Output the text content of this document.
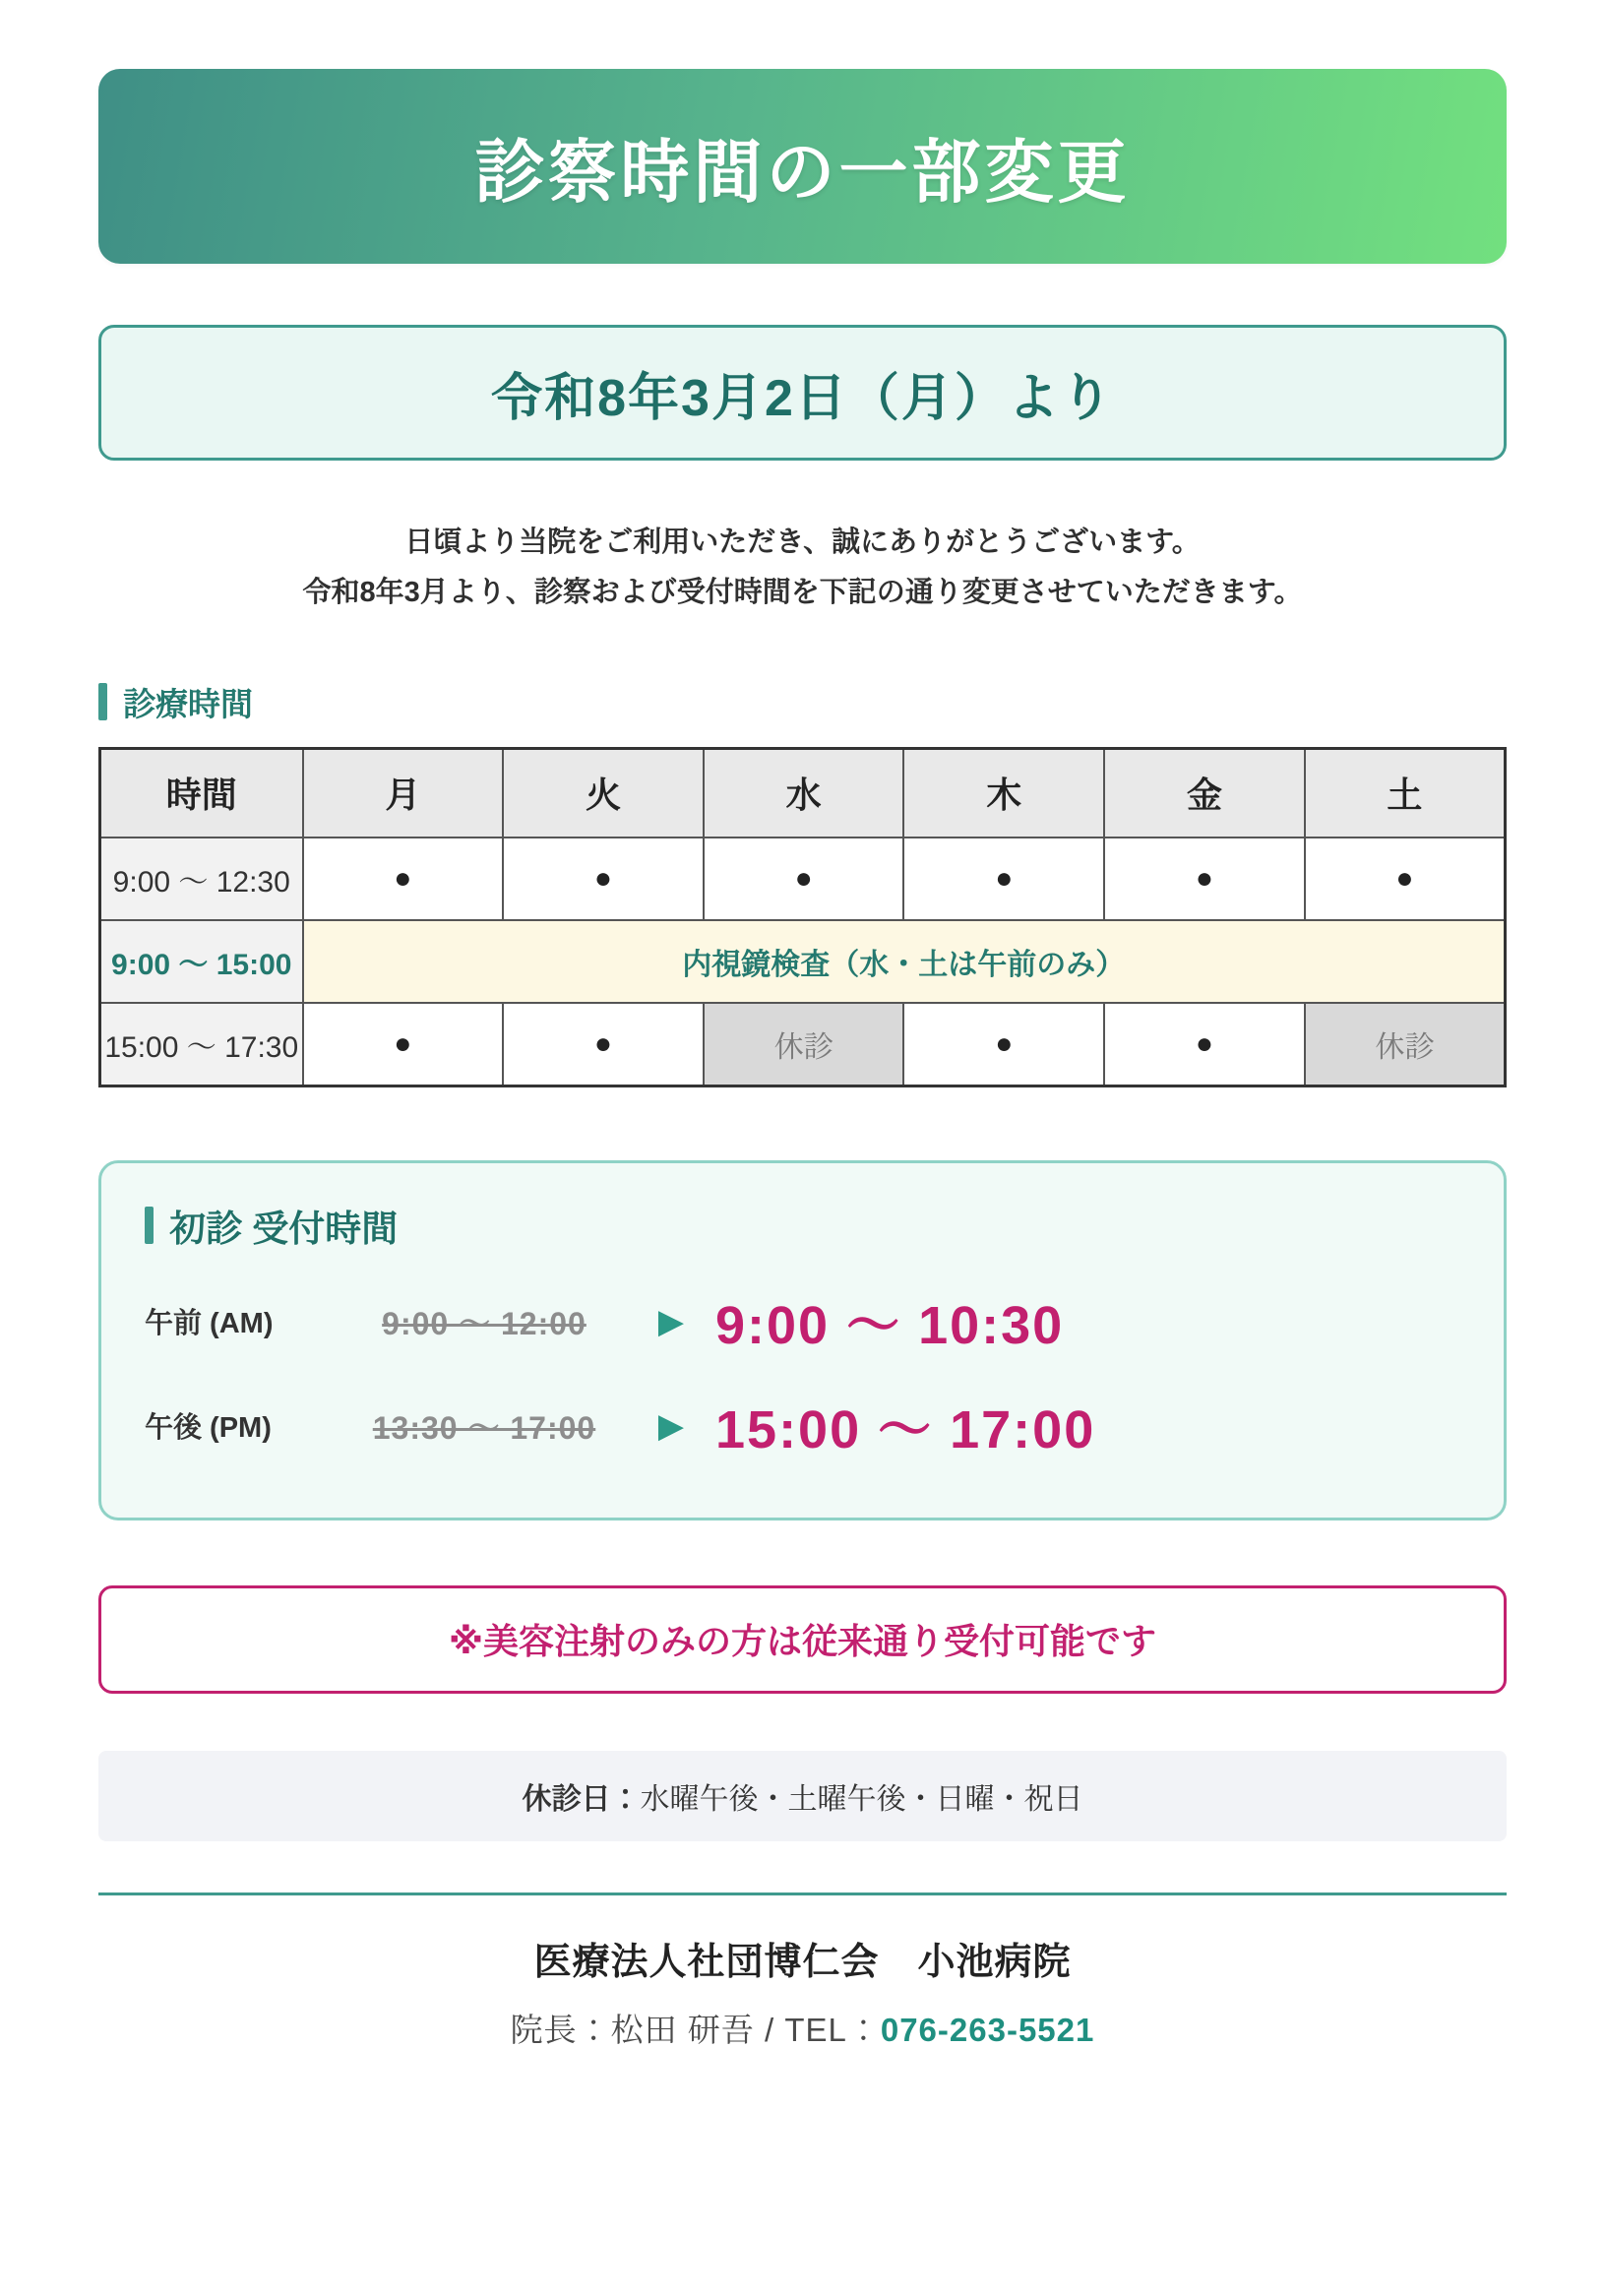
診察時間の一部変更
令和8年3月2日（月）より
日頃より当院をご利用いただき、誠にありがとうございます。
令和8年3月より、診察および受付時間を下記の通り変更させていただきます。
診療時間
時間	月	火	水	木	金	土
9:00 〜 12:30	●	●	●	●	●	●
9:00 〜 15:00	内視鏡検査（水・土は午前のみ）					
15:00 〜 17:30	●	●	休診	●	●	休診
初診 受付時間
午前 (AM)	9:00 〜 12:00	▶ 9:00 〜 10:30
午後 (PM)	13:30 〜 17:00	▶ 15:00 〜 17:00
※美容注射のみの方は従来通り受付可能です
休診日：水曜午後・土曜午後・日曜・祝日
医療法人社団博仁会　小池病院
院長：松田 研吾 / TEL：076-263-5521
